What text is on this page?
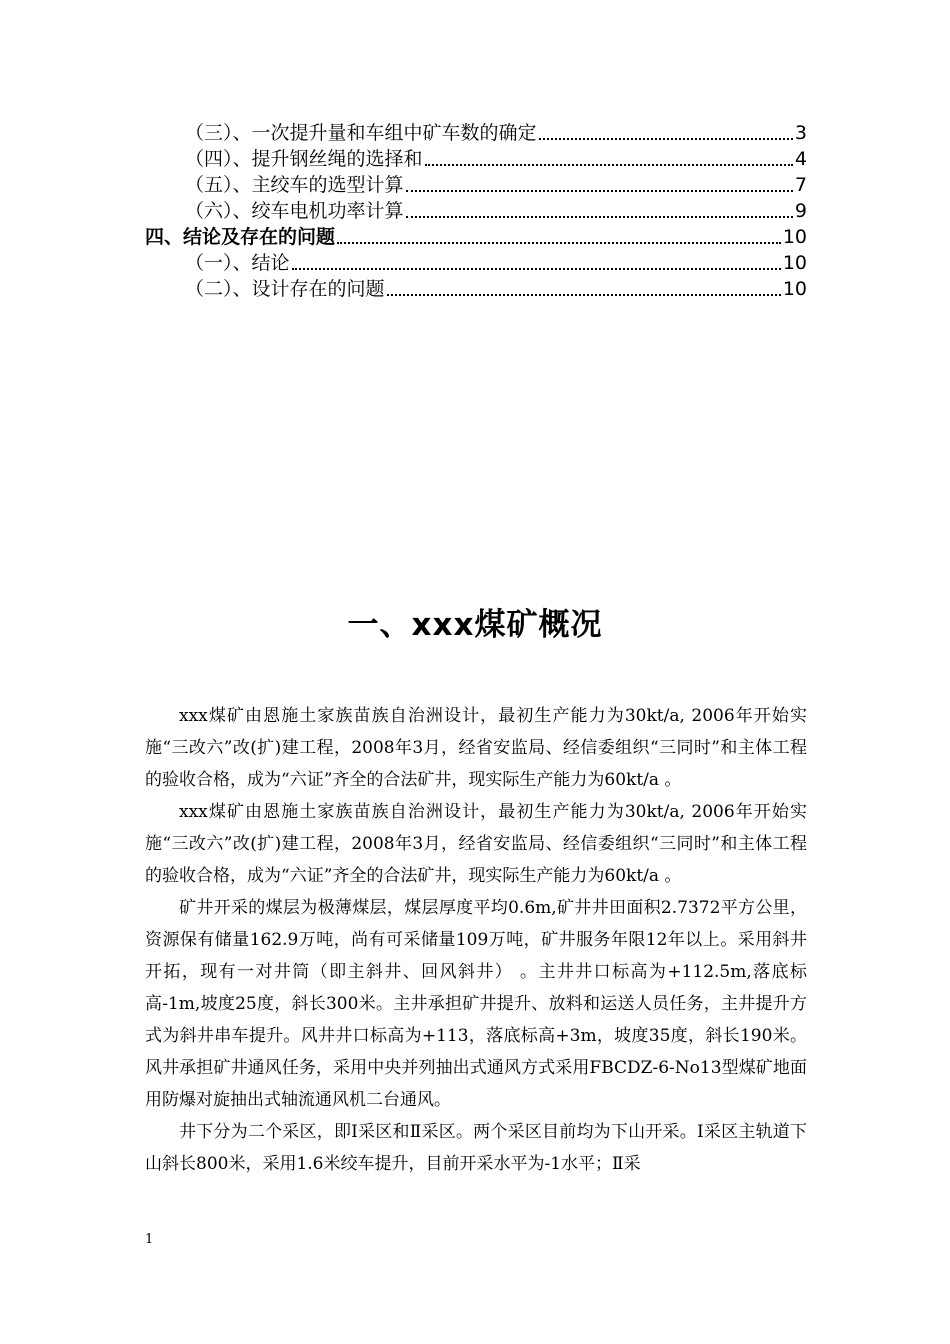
（三）、一次提升量和车组中矿车数的确定	3
（四）、提升钢丝绳的选择和	4
（五）、主绞车的选型计算	7
（六）、绞车电机功率计算	9
四、结论及存在的问题	10
（一）、结论	10
（二）、设计存在的问题	10
一、xxx煤矿概况

xxx煤矿由恩施土家族苗族自治洲设计，最初生产能力为30kt/a, 2006年开始实施“三改六”改(扩)建工程，2008年3月，经省安监局、经信委组织“三同时”和主体工程的验收合格，成为“六证”齐全的合法矿井，现实际生产能力为60kt/a 。

xxx煤矿由恩施土家族苗族自治洲设计，最初生产能力为30kt/a, 2006年开始实施“三改六”改(扩)建工程，2008年3月，经省安监局、经信委组织“三同时”和主体工程的验收合格，成为“六证”齐全的合法矿井，现实际生产能力为60kt/a 。

矿井开采的煤层为极薄煤层，煤层厚度平均0.6m,矿井井田面积2.7372平方公里，资源保有储量162.9万吨，尚有可采储量109万吨，矿井服务年限12年以上。采用斜井开拓，现有一对井筒（即主斜井、回风斜井） 。主井井口标高为+112.5m,落底标高-1m,坡度25度，斜长300米。主井承担矿井提升、放料和运送人员任务，主井提升方式为斜井串车提升。风井井口标高为+113，落底标高+3m，坡度35度，斜长190米。风井承担矿井通风任务，采用中央并列抽出式通风方式采用FBCDZ-6-No13型煤矿地面用防爆对旋抽出式轴流通风机二台通风。

井下分为二个采区，即Ⅰ采区和Ⅱ采区。两个采区目前均为下山开采。Ⅰ采区主轨道下山斜长800米，采用1.6米绞车提升，目前开采水平为-1水平；Ⅱ采

1
